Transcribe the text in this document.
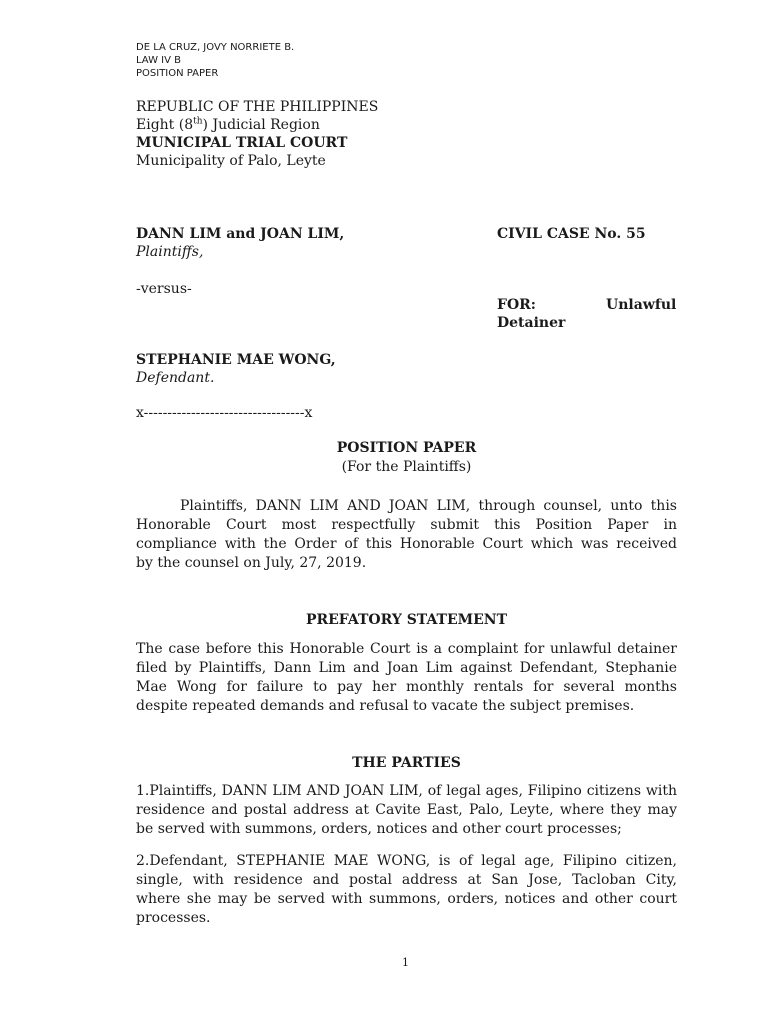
DE LA CRUZ, JOVY NORRIETE B.
LAW IV B
POSITION PAPER
REPUBLIC OF THE PHILIPPINES
Eight (8th) Judicial Region
MUNICIPAL TRIAL COURT
Municipality of Palo, Leyte
DANN LIM and JOAN LIM,
Plaintiffs,
-versus-
STEPHANIE MAE WONG,
Defendant.
x----------------------------------x
CIVIL CASE No. 55
FOR:	Unlawful
Detainer
POSITION PAPER
(For the Plaintiffs)
Plaintiffs, DANN LIM AND JOAN LIM, through counsel, unto this
Honorable Court most respectfully submit this Position Paper in
compliance with the Order of this Honorable Court which was received
by the counsel on July, 27, 2019.
PREFATORY STATEMENT
The case before this Honorable Court is a complaint for unlawful detainer
filed by Plaintiffs, Dann Lim and Joan Lim against Defendant, Stephanie
Mae Wong for failure to pay her monthly rentals for several months
despite repeated demands and refusal to vacate the subject premises.
THE PARTIES
1.Plaintiffs, DANN LIM AND JOAN LIM, of legal ages, Filipino citizens with
residence and postal address at Cavite East, Palo, Leyte, where they may
be served with summons, orders, notices and other court processes;
2.Defendant, STEPHANIE MAE WONG, is of legal age, Filipino citizen,
single, with residence and postal address at San Jose, Tacloban City,
where she may be served with summons, orders, notices and other court
processes.
1
